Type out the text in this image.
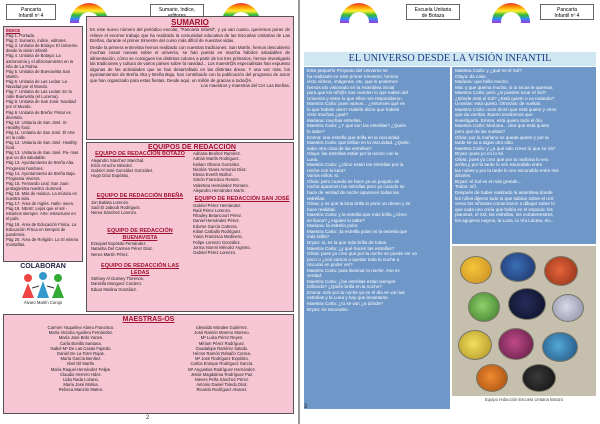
Pancarta
Infantil nº 4
Sumario, índice,
ÍNDICE
Pág 1. Portada.
Pág 2. Sumario, índice, editores.
Pág 3. Unitaria de Botaya: El Universo desde la visión infantil.
Pág 4. Unitaria de Botaya: La astronomía y el aficionamiento en la Isla de La Palma.
Pág 5. Unitaria de Buenavista San Martín.
Pág 6. Unitaria de Las Ledas: La Navidad por el Mundo.
Pág 7. Unitaria de Las Ledas: En la calle Buenvista (el Lucerna).
Pág 8. Unitaria de San José: Navidad por el Mundo.
Pág 9. Unitaria de Breña: Pintar es divertido.
Pág 10. Unitaria de San José. In- Healthy food.
Pág 11. Unitaria de San José. El Arte en la calle.
Pág 12. Unitaria de San José. Healthy food.
Pág 13. Unitaria de San José. Pa- mas que un día saludable.
Pág 13. Ayuntamiento de Breña Alta. Progresos hombres.
Pág 14. Ayuntamiento de Breña Baja. Programa Viveros.
Pág 15. Fernando Leal, San Juan protagonista nuestro clumned.
Pág 16. Más de música. La música en nuestra vida.
Pág 17. Área de Inglés. Hallo- ween.
Pág 18. NEAE: Lejos que el sol - estamos siempre. Arte: estructurar en el país.
Pág 19. Área de Educación Física. La Educación Física en tiempos de pandemia.
Pág 20. Área de Religión. La Sí misma montañas.
COLABORAN
Álvaro Martín Corujo
SUMARIO
En este nuevo número del periódico escolar, “Pancarta Infantil”, y ya van cuatro, queremos poner de relieve el enorme trabajo que ha realizado la comunidad educativa de las Escuelas Unitarias de Las Breñas, durante el primer trimestre del curso más difícil de nuestras vidas.
Desde la primera entrevista hemos realizado con nuestras tradiciones. San Martín, hemos descubierto muchas cosas nuevas sobre el universo, se han puesto en marcha hábitos saludables de alimentación, cómo se consiguen los distintos colores a partir de los tres primarios, hemos investigado las tradiciones y cultura de varios países sobre la navidad... Los maestr@s especialistas han expuesto algunas de las actividades que se han desarrollado en las distintas áreas. Y una vez más, los ayuntamientos de Breña Alta y Breña Baja, han contribuido con la publicación del programa de actos que han organizado para estas fiestas. Desde aquí, un millón de gracias a todo@s.
Los maestros y maestras del Cer Las Breñas.
EQUIPOS DE REDACCIÓN
EQUIPO DE REDACCIÓN BOTAZO
Alejandro Sánchez Marichal.
Erick Arruche Méndez.
Gabriel José González González.
Hugo Díaz Expósito.
EQUIPO DE REDACCIÓN BREÑA
Jon Batista Lorenzo.
Saúl El Jaboub Rodríguez.
Nerea Sánchez Lorenzo.
EQUIPO DE REDACCIÓN BUENAVISTA
Ezequiel Expósito Fernández.
Natasha Del Carmen Pérez Díaz.
Nereo Martín Pérez.
EQUIPO DE REDACCIÓN LAS LEDAS
Stefany Al Guimey Tlorenos.
Daniella Monguez Cordero.
Eduar Medina González.
Adriana Benítez Ramírez.
Adrián Martín Rodríguez.
Keilam Olivera González.
Nicolás Yanes Armonio Díaz.
Elenia Everth Muñoz.
Simón Francisco Remire.
Valentina Hernández Romero.
Alejandro Hernández Marín.
EQUIPO DE REDACCIÓN SAN JOSÉ
Gabriel Pérez Hernández.
Raúl Pérez Lorenzo.
Rhadey Betancourt Pérez.
Daniel Hernández Pérez.
Edurne García Cabrera.
Kilian Carballo Rodríguez.
Yiana Francisca Medinero.
Felipe Lorenzo González.
Jorma Noemí Méndez Argento.
Gabriel Pérez Lorenzo.
MAESTRAS-OS
Carmen Yaqueline Abreu Francisco.
María Victoria Aguilera Fernández.
María José Brito Yanes.
Carla Bonilla Santana.
Isabel Mª De Las Casas Fajardo.
Daniel De La Torre Rojas.
María García Benítez.
Abel Gil Martín.
María Raquel Hernández Felipe.
Claudio Herrero Hdez.
Lidia Rada Lozano.
María José Molina.
Rebeca Manzón Mateo.
Idenaldo Morales Gutiérrez.
José Ramón Moreno Moreno.
Mª Luisa Pérez Reyes.
Miriam Pérez Rodríguez.
Guadalupe Ramírez Salado.
Héctor Ramón Rebaño Correa.
Mª José Rodríguez Expósito.
Carlos Enrique Rodríguez García.
Mª Angustias Rodríguez Hernández.
Jesús Magdalena Rodríguez Paz.
Nieves Peña Sánchez Pérez.
Antonio Daniel Toledo Díaz.
Ricardo Rodríguez Alvarez.
2
Escuela Unitaria
de Botaza
Pancarta
Infantil nº 4
EL UNIVERSO DESDE LA VISIÓN INFANTIL
Este pequeño Proyecto del Universo se
ha realizado en este primer trimestre; hemos
visto vídeos, imágenes, etc. que lo podemos
hemos ido visionado en la Asamblea inicial
para que los niñ@s nos cuenten lo que saben del
Universo y entre lo que ellos nos respondieron.
Maestra Carla: pues vamos... ¿entonces qué es
lo que habéis visto? Habéis dicho que habéis
visto muchas ¿qué?
Mariana: muchas estrellas.
Maestra Carla: ¿Y qué son las estrellas? ¿Quién
lo sabe?
Emma: una estrella que brilla en la oscuridad.
Maestra Carla: que brillan en la oscuridad. ¿Quién
sabe otra cosa de las estrellas?
Olaya: las estrellas están por la noche con la
Luna.
Maestra Carla: ¿cómo están las estrellas por la
noche con la luna?
Varios niños: sí.
Olivia: pero cuando se hace ya un poquito de
noche aparecen las estrellas pero ya cuando se
hace de verdad de noche aparecen todas las
estrellas.
Olivia: y es que la luna brilla lo pone un deseo y se
hace realidad.
Maestra Carla: y la estrella que más brilla ¿cómo
se llama? ¿Alguien lo sabe?
Mariana: la estrella polar.
Maestra Carla: ¡la estrella polar es la estrella que
más brilla?
Bryan: sí, es la que más brilla de todas.
Maestra Carla: ¿y qué hacen las estrellas?
Olivia: pues yo creo que por la noche se puede ver un
poco o ¿nos vamos a quedar toda la noche a
oscuras en poder ver?
Maestra Carla: para iluminar la noche, eso es
verdad.
Maestra Carla: ¿las estrellas están siempre
brillando? ¿Quién brilla en la noche?
Emma: solo por la noche ya en el día se van las
estrellas y la Luna y hay que levantarse.
Maestra Carla: ¿tú se van ¿a dónde?
Bryan: se esconden.
Maestra Carla: y ¿qué es el Sol?
Olaya: da calor.
Mariana: que brilla mucho.
Mia: y que quema mucho, si lo tocas te quemas.
Maestra Carla: pero ¿si puedes tocar el Sol?
¿Dónde está el Sol? ¿Está quieto o va rodando?
Unos/as: está quieto. Otros/as: de vueltas.
Maestra Carla: unos dicen que está quieto y otros
que da vueltas, Bueno tendremos que
investigarlo. Emma, está quieto todo el día.
Maestra Carla: Mariana... dice que está quieto
pero que da las vueltas?
Olivia: por la mañana se queda quieto y por la
tarde se va a algún otro sitio.
Maestra Carla: y ¿a qué sitio crees tú que se irá?
Bryan: pues yo no lo sé.
Olivia: pues yo creo que por la mañana lo veo
arriba y por la tarde lo veo escondido entre
las nubes y por la tarde lo veo escondido entre mis
árboles.
Bryan: el Sol es el más grande...
Todos: sííí.
Después de haber realizado la asamblea donde
los niños dijeron todo lo que sabían sobre el Uni-
verso los niños/as comenzaron a dibujar sobre lo
que cada uno creía que había en el espacio: los
planetas, el Sol, las estrellas, los extraterrestres,
los agujeros negros, la Luna, la Vía Láctea, etc...
Equipo redacción Escuela Unitaria Botazo
3
